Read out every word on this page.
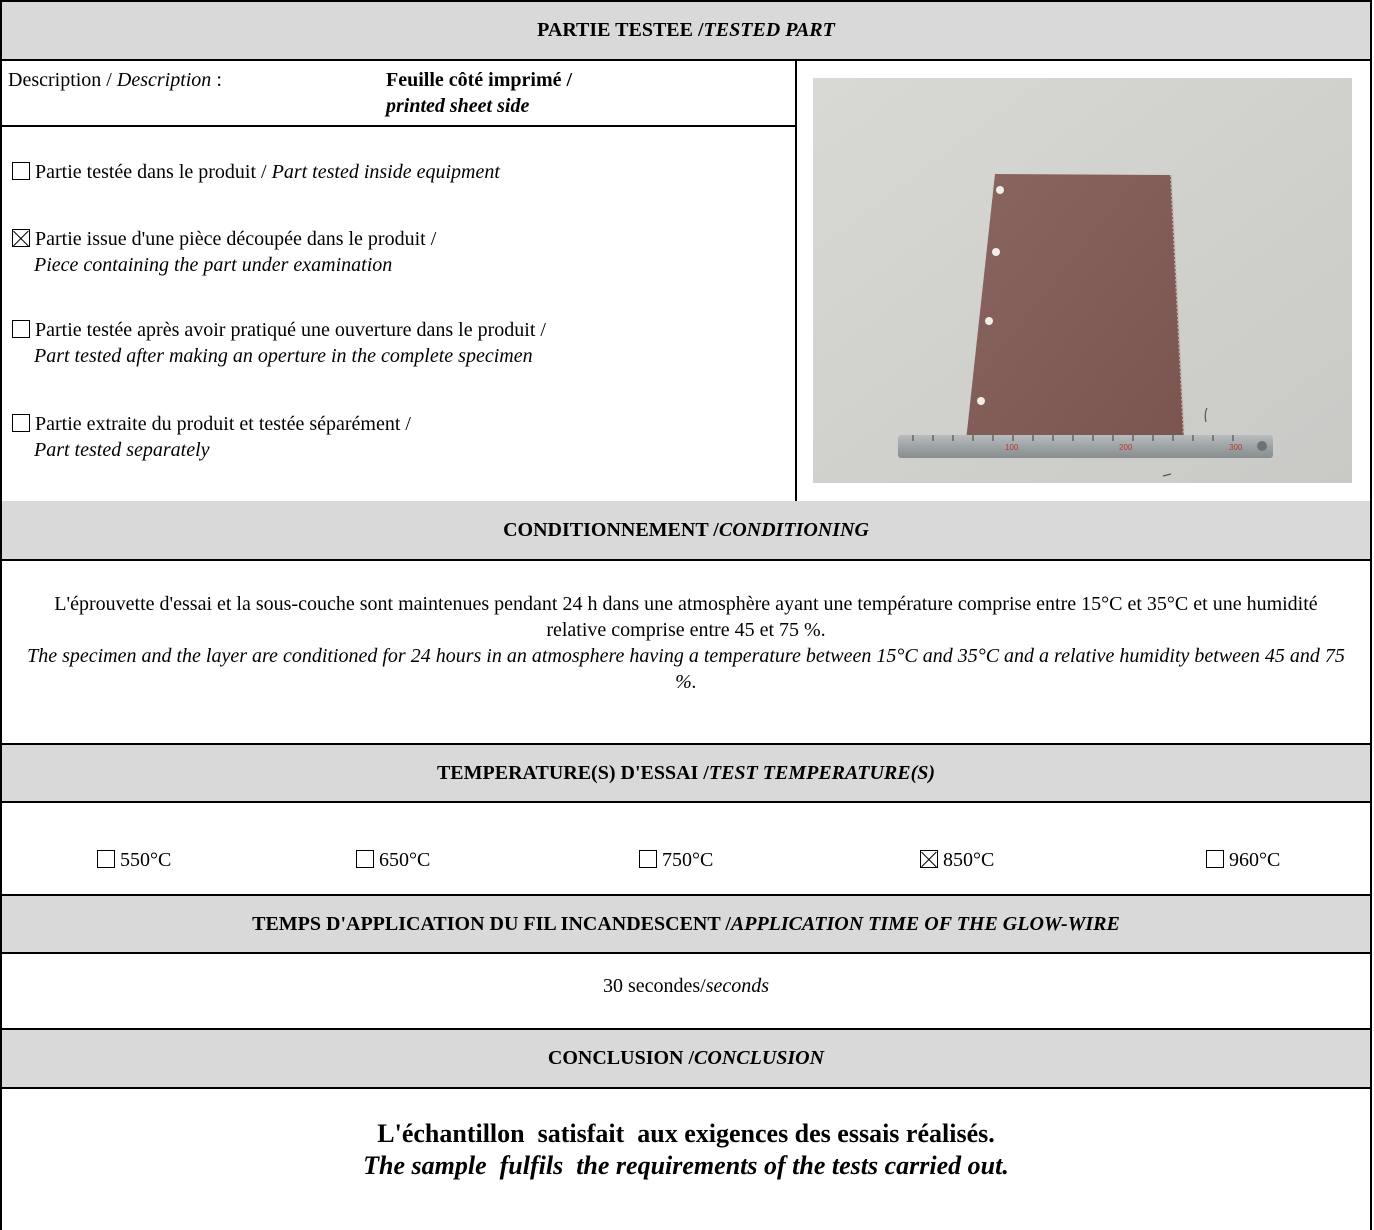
PARTIE TESTEE / TESTED PART
Description / Description :	Feuille côté imprimé /
printed sheet side
Partie testée dans le produit / Part tested inside equipment
Partie issue d'une pièce découpée dans le produit /
Piece containing the part under examination
Partie testée après avoir pratiqué une ouverture dans le produit /
Part tested after making an operture in the complete specimen
Partie extraite du produit et testée séparément /
Part tested separately	100	200	300
CONDITIONNEMENT / CONDITIONING
L'éprouvette d'essai et la sous-couche sont maintenues pendant 24 h dans une atmosphère ayant une température comprise entre 15°C et 35°C et une humidité relative comprise entre 45 et 75 %.
The specimen and the layer are conditioned for 24 hours in an atmosphere having a temperature between 15°C and 35°C and a relative humidity between 45 and 75 %.
TEMPERATURE(S) D'ESSAI / TEST TEMPERATURE(S)
550°C	650°C	750°C	850°C	960°C
TEMPS D'APPLICATION DU FIL INCANDESCENT / APPLICATION TIME OF THE GLOW-WIRE
30 secondes/seconds
CONCLUSION / CONCLUSION
L'échantillon  satisfait  aux exigences des essais réalisés.
The sample  fulfils  the requirements of the tests carried out.
